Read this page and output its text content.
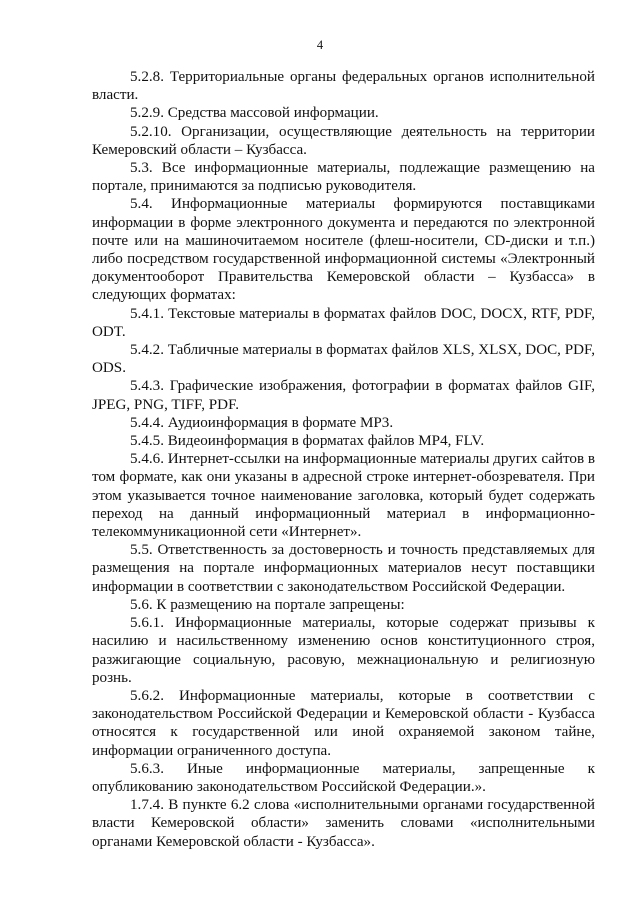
4

5.2.8. Территориальные органы федеральных органов исполнительной власти.

5.2.9. Средства массовой информации.

5.2.10. Организации, осуществляющие деятельность на территории Кемеровский области – Кузбасса.

5.3. Все информационные материалы, подлежащие размещению на портале, принимаются за подписью руководителя.

5.4. Информационные материалы формируются поставщиками информации в форме электронного документа и передаются по электронной почте или на машиночитаемом носителе (флеш-носители, CD-диски и т.п.) либо посредством государственной информационной системы «Электронный документооборот Правительства Кемеровской области – Кузбасса» в следующих форматах:

5.4.1. Текстовые материалы в форматах файлов DOC, DOCX, RTF, PDF, ODT.

5.4.2. Табличные материалы в форматах файлов XLS, XLSX, DOC, PDF, ODS.

5.4.3. Графические изображения, фотографии в форматах файлов GIF, JPEG, PNG, TIFF, PDF.

5.4.4. Аудиоинформация в формате MP3.

5.4.5. Видеоинформация в форматах файлов MP4, FLV.

5.4.6. Интернет-ссылки на информационные материалы других сайтов в том формате, как они указаны в адресной строке интернет-обозревателя. При этом указывается точное наименование заголовка, который будет содержать переход на данный информационный материал в информационно-телекоммуникационной сети «Интернет».

5.5. Ответственность за достоверность и точность представляемых для размещения на портале информационных материалов несут поставщики информации в соответствии с законодательством Российской Федерации.

5.6. К размещению на портале запрещены:

5.6.1. Информационные материалы, которые содержат призывы к насилию и насильственному изменению основ конституционного строя, разжигающие социальную, расовую, межнациональную и религиозную рознь.

5.6.2. Информационные материалы, которые в соответствии с законодательством Российской Федерации и Кемеровской области - Кузбасса относятся к государственной или иной охраняемой законом тайне, информации ограниченного доступа.

5.6.3. Иные информационные материалы, запрещенные к опубликованию законодательством Российской Федерации.».

1.7.4. В пункте 6.2 слова «исполнительными органами государственной власти Кемеровской области» заменить словами «исполнительными органами Кемеровской области - Кузбасса».
